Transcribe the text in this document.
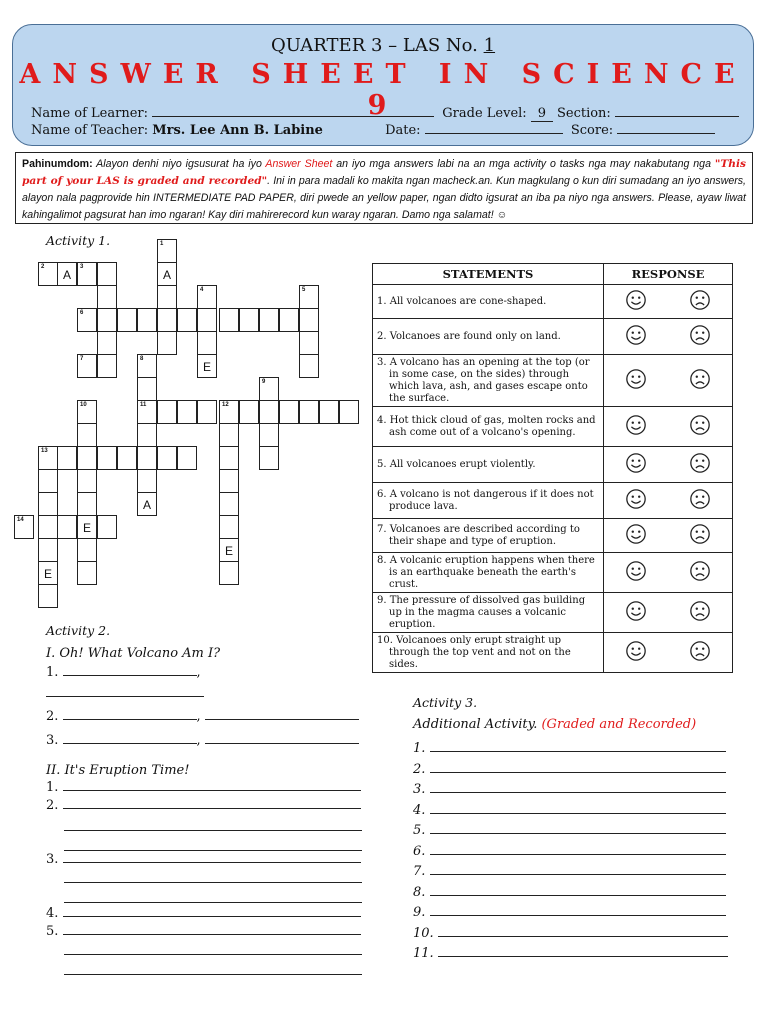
QUARTER 3 – LAS No. 1
ANSWER SHEET IN SCIENCE 9
Name of Learner:	Grade Level: 9 Section:
Name of Teacher: Mrs. Lee Ann B. Labine	Date:	Score:
Pahinumdom: Alayon denhi niyo igsusurat ha iyo Answer Sheet an iyo mga answers labi na an mga activity o tasks nga may nakabutang nga "This part of your LAS is graded and recorded". Ini in para madali ko makita ngan macheck.an. Kun magkulang o kun diri sumadang an iyo answers, alayon nala pagprovide hin INTERMEDIATE PAD PAPER, diri pwede an yellow paper, ngan didto igsurat an iba pa niyo nga answers. Please, ayaw liwat kahingalimot pagsurat han imo ngaran! Kay diri mahirerecord kun waray ngaran. Damo nga salamat! ☺
Activity 1.	1
2
A
3
A
4	5
6
7	8
E
9
10	11	12
13
A
14
E
E
E
STATEMENTS	RESPONSE

1. All volcanoes are cone-shaped.

2. Volcanoes are found only on land.

3. A volcano has an opening at the top (or in some case, on the sides) through which lava, ash, and gases escape onto the surface.

4. Hot thick cloud of gas, molten rocks and ash come out of a volcano's opening.

5. All volcanoes erupt violently.

6. A volcano is not dangerous if it does not produce lava.

7. Volcanoes are described according to their shape and type of eruption.

8. A volcanic eruption happens when there is an earthquake beneath the earth's crust.

9. The pressure of dissolved gas building up in the magma causes a volcanic eruption.

10. Volcanoes only erupt straight up through the top vent and not on the sides.

Activity 2.
I. Oh! What Volcano Am I?
1.	,
2.	,
3.	,
II. It's Eruption Time!
1.
2.
3.
4.
5.
Activity 3.
Additional Activity. (Graded and Recorded)
1.
2.
3.
4.
5.
6.
7.
8.
9.
10.
11.
